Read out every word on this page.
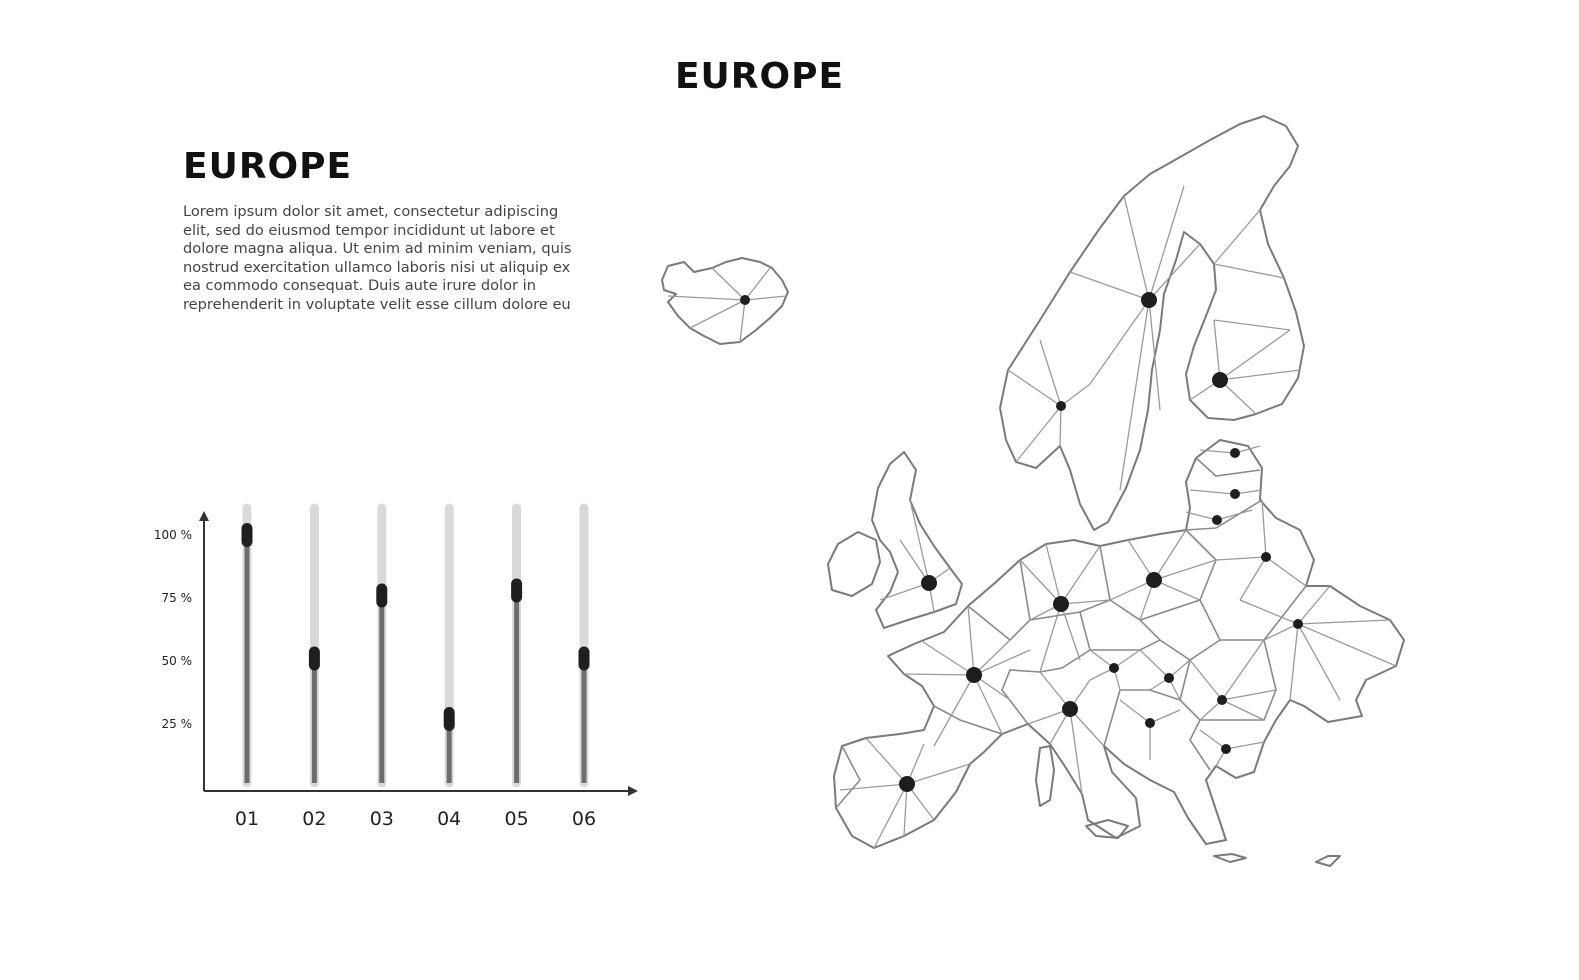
EUROPE
EUROPE
Lorem ipsum dolor sit amet, consectetur adipiscing
elit, sed do eiusmod tempor incididunt ut labore et
dolore magna aliqua. Ut enim ad minim veniam, quis
nostrud exercitation ullamco laboris nisi ut aliquip ex
ea commodo consequat. Duis aute irure dolor in
reprehenderit in voluptate velit esse cillum dolore eu
25 %
50 %
75 %
100 %
01 02 03 04 05 06
